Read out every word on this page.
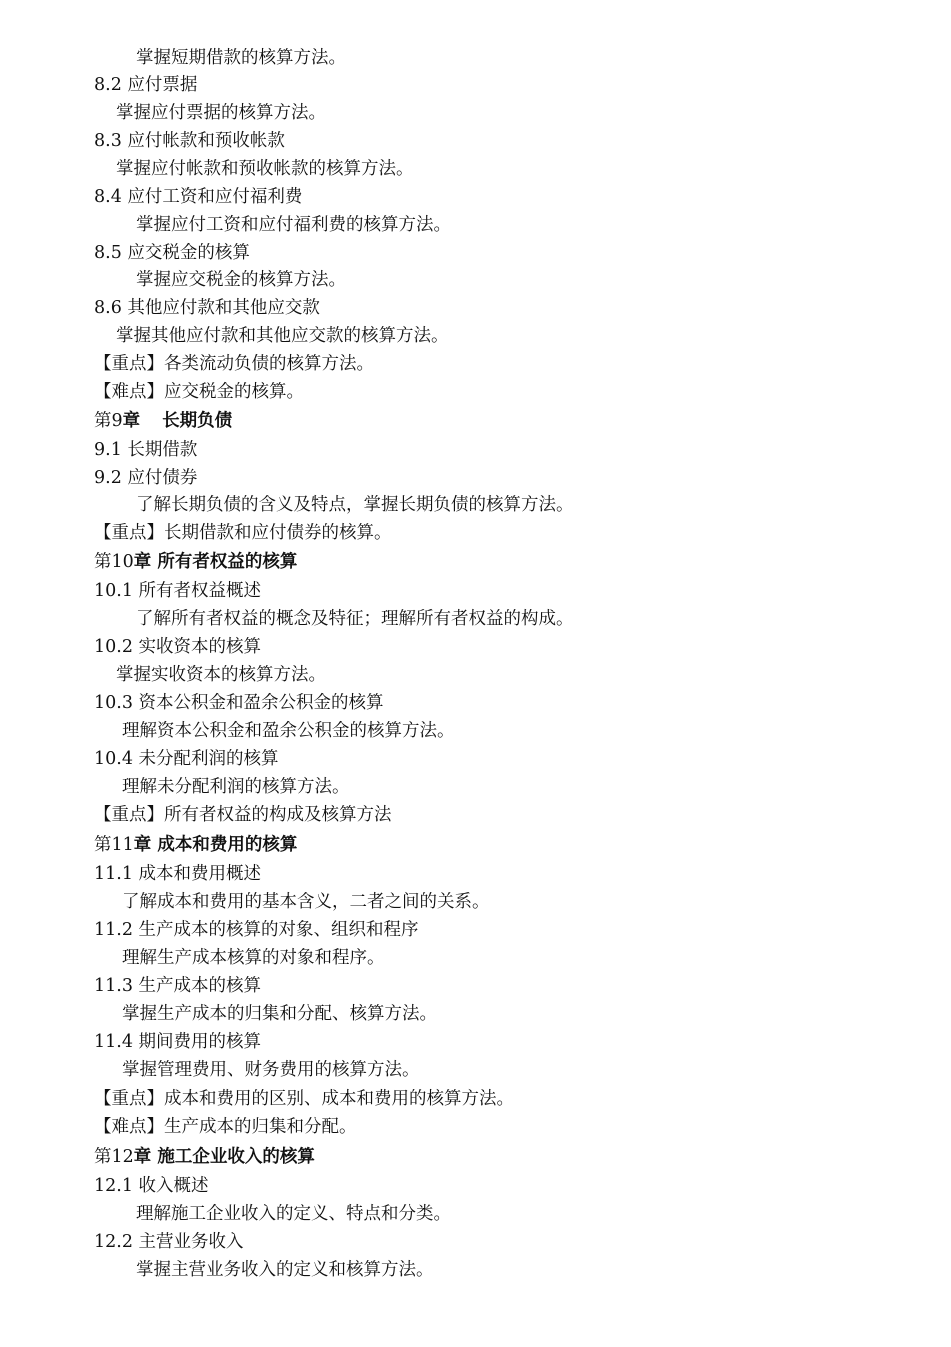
掌握短期借款的核算方法。
8.2 应付票据
掌握应付票据的核算方法。
8.3 应付帐款和预收帐款
掌握应付帐款和预收帐款的核算方法。
8.4 应付工资和应付福利费
掌握应付工资和应付福利费的核算方法。
8.5 应交税金的核算
掌握应交税金的核算方法。
8.6 其他应付款和其他应交款
掌握其他应付款和其他应交款的核算方法。
【重点】各类流动负债的核算方法。
【难点】应交税金的核算。
第9章 长期负债
9.1 长期借款
9.2 应付债券
了解长期负债的含义及特点，掌握长期负债的核算方法。
【重点】长期借款和应付债券的核算。
第10章 所有者权益的核算
10.1 所有者权益概述
了解所有者权益的概念及特征；理解所有者权益的构成。
10.2 实收资本的核算
掌握实收资本的核算方法。
10.3 资本公积金和盈余公积金的核算
理解资本公积金和盈余公积金的核算方法。
10.4 未分配利润的核算
理解未分配利润的核算方法。
【重点】所有者权益的构成及核算方法
第11章 成本和费用的核算
11.1 成本和费用概述
了解成本和费用的基本含义，二者之间的关系。
11.2 生产成本的核算的对象、组织和程序
理解生产成本核算的对象和程序。
11.3 生产成本的核算
掌握生产成本的归集和分配、核算方法。
11.4 期间费用的核算
掌握管理费用、财务费用的核算方法。
【重点】成本和费用的区别、成本和费用的核算方法。
【难点】生产成本的归集和分配。
第12章 施工企业收入的核算
12.1 收入概述
理解施工企业收入的定义、特点和分类。
12.2 主营业务收入
掌握主营业务收入的定义和核算方法。
